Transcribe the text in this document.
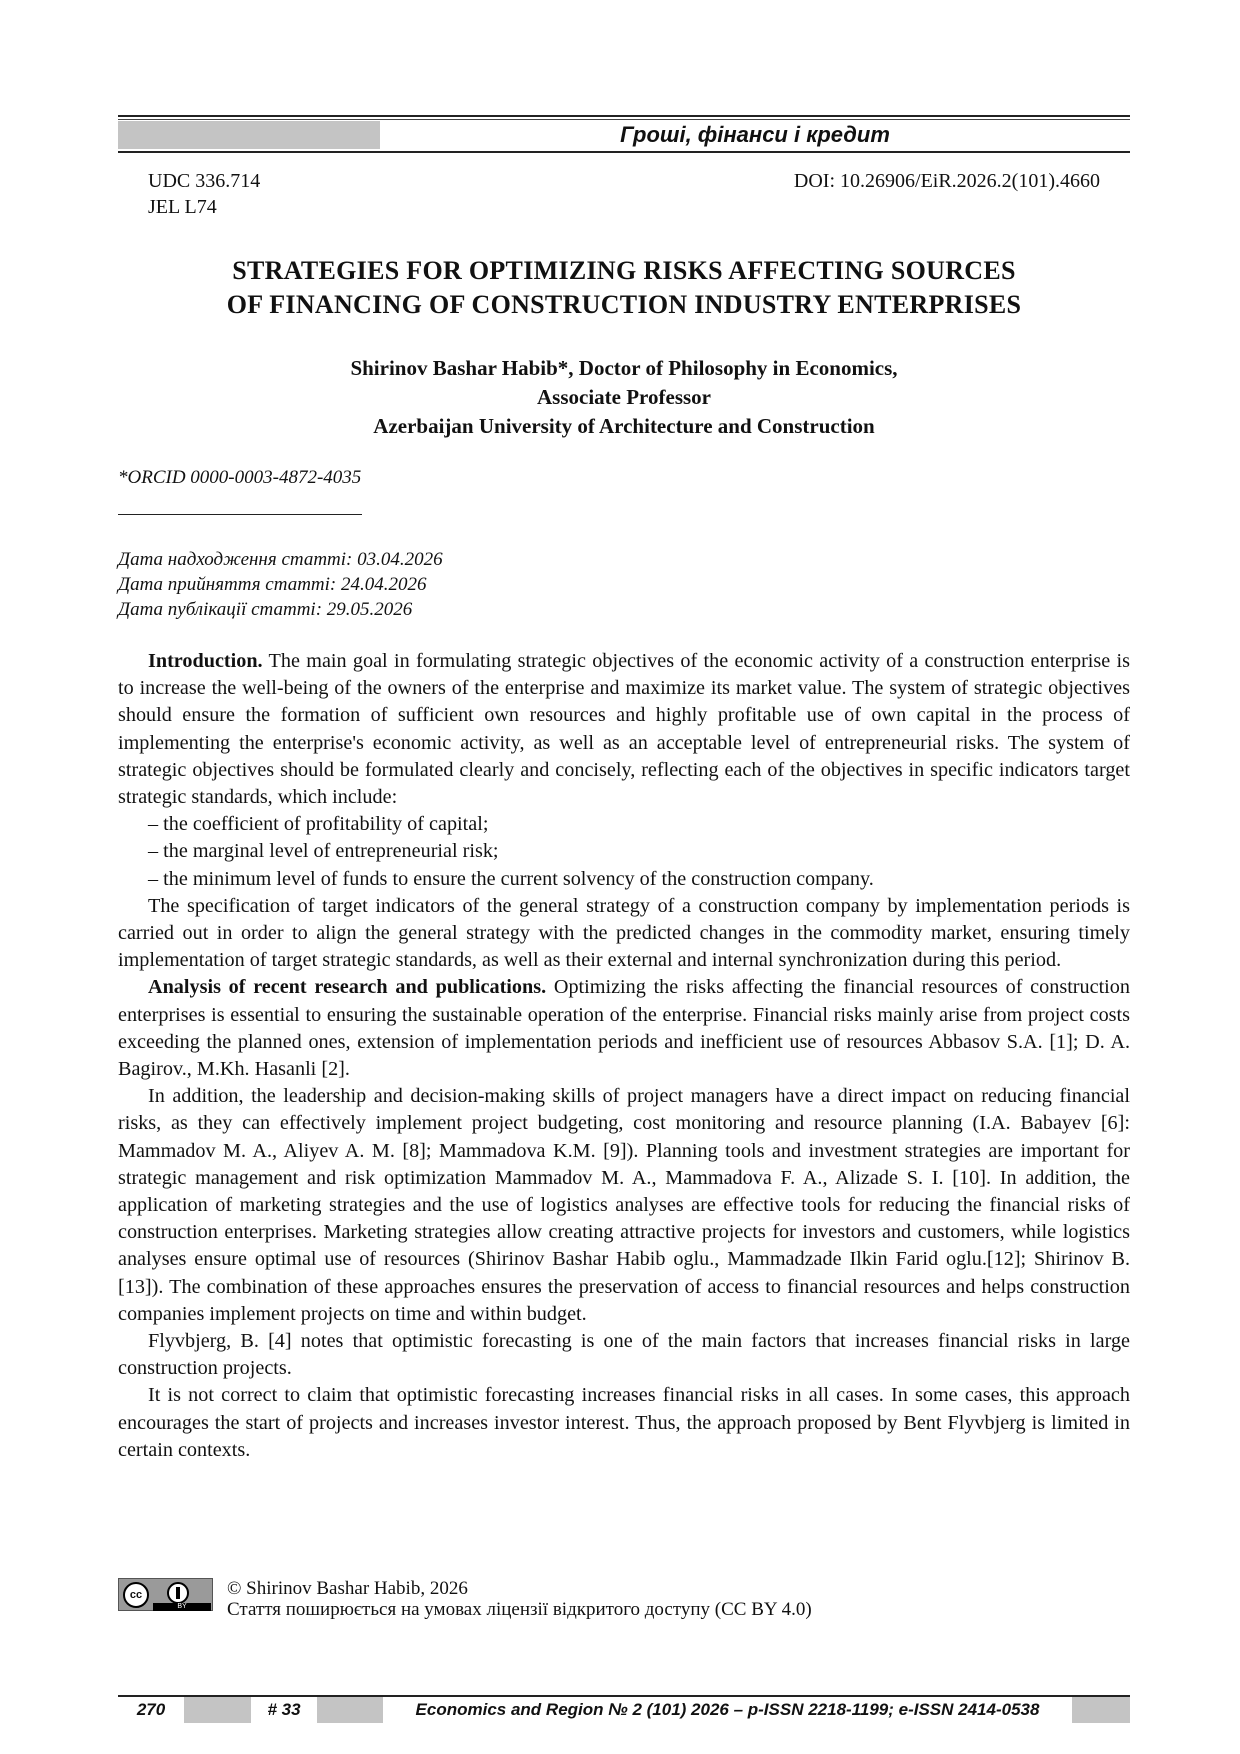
Гроші, фінанси і кредит
UDC 336.714
JEL L74
DOI: 10.26906/EiR.2026.2(101).4660
STRATEGIES FOR OPTIMIZING RISKS AFFECTING SOURCES
OF FINANCING OF CONSTRUCTION INDUSTRY ENTERPRISES
Shirinov Bashar Habib*, Doctor of Philosophy in Economics,
Associate Professor
Azerbaijan University of Architecture and Construction
*ORCID 0000-0003-4872-4035
Дата надходження статті: 03.04.2026
Дата прийняття статті: 24.04.2026
Дата публікації статті: 29.05.2026

Introduction. The main goal in formulating strategic objectives of the economic activity of a construction enterprise is to increase the well-being of the owners of the enterprise and maximize its market value. The system of strategic objectives should ensure the formation of sufficient own resources and highly profitable use of own capital in the process of implementing the enterprise's economic activity, as well as an acceptable level of entrepreneurial risks. The system of strategic objectives should be formulated clearly and concisely, reflecting each of the objectives in specific indicators target strategic standards, which include:

– the coefficient of profitability of capital;
– the marginal level of entrepreneurial risk;
– the minimum level of funds to ensure the current solvency of the construction company.

The specification of target indicators of the general strategy of a construction company by implementation periods is carried out in order to align the general strategy with the predicted changes in the commodity market, ensuring timely implementation of target strategic standards, as well as their external and internal synchronization during this period.

Analysis of recent research and publications. Optimizing the risks affecting the financial resources of construction enterprises is essential to ensuring the sustainable operation of the enterprise. Financial risks mainly arise from project costs exceeding the planned ones, extension of implementation periods and inefficient use of resources Abbasov S.A. [1]; D. A. Bagirov., M.Kh. Hasanli [2].

In addition, the leadership and decision-making skills of project managers have a direct impact on reducing financial risks, as they can effectively implement project budgeting, cost monitoring and resource planning (I.A. Babayev [6]: Mammadov M. A., Aliyev A. M. [8]; Mammadova K.M. [9]). Planning tools and investment strategies are important for strategic management and risk optimization Mammadov M. A., Mammadova F. A., Alizade S. I. [10]. In addition, the application of marketing strategies and the use of logistics analyses are effective tools for reducing the financial risks of construction enterprises. Marketing strategies allow creating attractive projects for investors and customers, while logistics analyses ensure optimal use of resources (Shirinov Bashar Habib oglu., Mammadzade Ilkin Farid oglu.[12]; Shirinov B.[13]). The combination of these approaches ensures the preservation of access to financial resources and helps construction companies implement projects on time and within budget.

Flyvbjerg, B. [4] notes that optimistic forecasting is one of the main factors that increases financial risks in large construction projects.

It is not correct to claim that optimistic forecasting increases financial risks in all cases. In some cases, this approach encourages the start of projects and increases investor interest. Thus, the approach proposed by Bent Flyvbjerg is limited in certain contexts.

cc
BY
© Shirinov Bashar Habib, 2026
Стаття поширюється на умовах ліцензії відкритого доступу (CC BY 4.0)
270	# 33	Economics and Region № 2 (101) 2026 – p-ISSN 2218-1199; e-ISSN 2414-0538
